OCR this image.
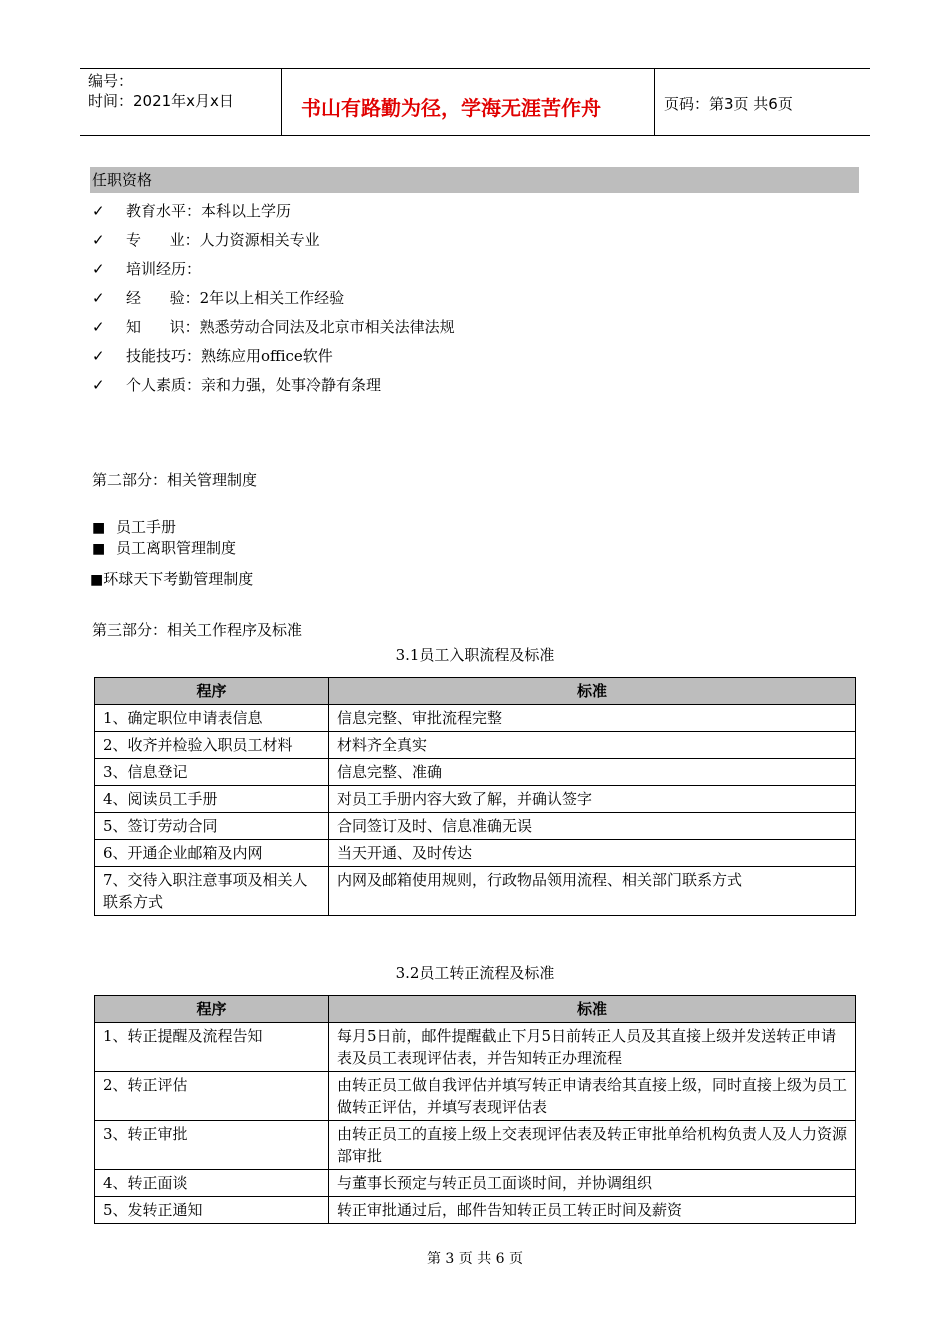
编号：
时间：2021年x月x日	书山有路勤为径，学海无涯苦作舟	页码：第3页 共6页
任职资格
✓ 教育水平：本科以上学历
✓ 专      业：人力资源相关专业
✓ 培训经历：
✓ 经      验：2年以上相关工作经验
✓ 知      识：熟悉劳动合同法及北京市相关法律法规
✓ 技能技巧：熟练应用office软件
✓ 个人素质：亲和力强，处事冷静有条理
第二部分：相关管理制度
■ 员工手册
■ 员工离职管理制度
■环球天下考勤管理制度
第三部分：相关工作程序及标准
3.1员工入职流程及标准
程序	标准
1、确定职位申请表信息	信息完整、审批流程完整
2、收齐并检验入职员工材料	材料齐全真实
3、信息登记	信息完整、准确
4、阅读员工手册	对员工手册内容大致了解，并确认签字
5、签订劳动合同	合同签订及时、信息准确无误
6、开通企业邮箱及内网	当天开通、及时传达
7、交待入职注意事项及相关人联系方式	内网及邮箱使用规则，行政物品领用流程、相关部门联系方式
3.2员工转正流程及标准
程序	标准
1、转正提醒及流程告知	每月5日前，邮件提醒截止下月5日前转正人员及其直接上级并发送转正申请表及员工表现评估表，并告知转正办理流程
2、转正评估	由转正员工做自我评估并填写转正申请表给其直接上级，同时直接上级为员工做转正评估，并填写表现评估表
3、转正审批	由转正员工的直接上级上交表现评估表及转正审批单给机构负责人及人力资源部审批
4、转正面谈	与董事长预定与转正员工面谈时间，并协调组织
5、发转正通知	转正审批通过后，邮件告知转正员工转正时间及薪资
第 3 页 共 6 页
